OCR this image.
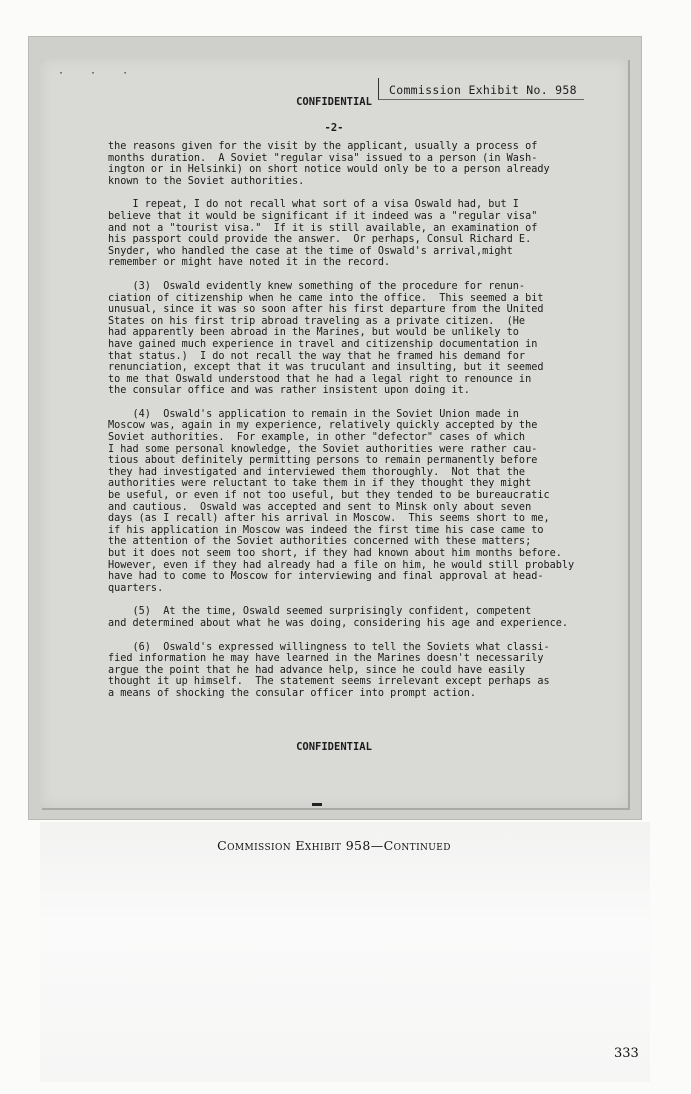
· · ·
Commission Exhibit No. 958
CONFIDENTIAL
-2-

the reasons given for the visit by the applicant, usually a process of
months duration.  A Soviet "regular visa" issued to a person (in Wash-
ington or in Helsinki) on short notice would only be to a person already
known to the Soviet authorities.

I repeat, I do not recall what sort of a visa Oswald had, but I
believe that it would be significant if it indeed was a "regular visa"
and not a "tourist visa."  If it is still available, an examination of
his passport could provide the answer.  Or perhaps, Consul Richard E.
Snyder, who handled the case at the time of Oswald's arrival,might
remember or might have noted it in the record.

(3)  Oswald evidently knew something of the procedure for renun-
ciation of citizenship when he came into the office.  This seemed a bit
unusual, since it was so soon after his first departure from the United
States on his first trip abroad traveling as a private citizen.  (He
had apparently been abroad in the Marines, but would be unlikely to
have gained much experience in travel and citizenship documentation in
that status.)  I do not recall the way that he framed his demand for
renunciation, except that it was truculant and insulting, but it seemed
to me that Oswald understood that he had a legal right to renounce in
the consular office and was rather insistent upon doing it.

(4)  Oswald's application to remain in the Soviet Union made in
Moscow was, again in my experience, relatively quickly accepted by the
Soviet authorities.  For example, in other "defector" cases of which
I had some personal knowledge, the Soviet authorities were rather cau-
tious about definitely permitting persons to remain permanently before
they had investigated and interviewed them thoroughly.  Not that the
authorities were reluctant to take them in if they thought they might
be useful, or even if not too useful, but they tended to be bureaucratic
and cautious.  Oswald was accepted and sent to Minsk only about seven
days (as I recall) after his arrival in Moscow.  This seems short to me,
if his application in Moscow was indeed the first time his case came to
the attention of the Soviet authorities concerned with these matters;
but it does not seem too short, if they had known about him months before.
However, even if they had already had a file on him, he would still probably
have had to come to Moscow for interviewing and final approval at head-
quarters.

(5)  At the time, Oswald seemed surprisingly confident, competent
and determined about what he was doing, considering his age and experience.

(6)  Oswald's expressed willingness to tell the Soviets what classi-
fied information he may have learned in the Marines doesn't necessarily
argue the point that he had advance help, since he could have easily
thought it up himself.  The statement seems irrelevant except perhaps as
a means of shocking the consular officer into prompt action.

CONFIDENTIAL
Commission Exhibit 958—Continued
333
